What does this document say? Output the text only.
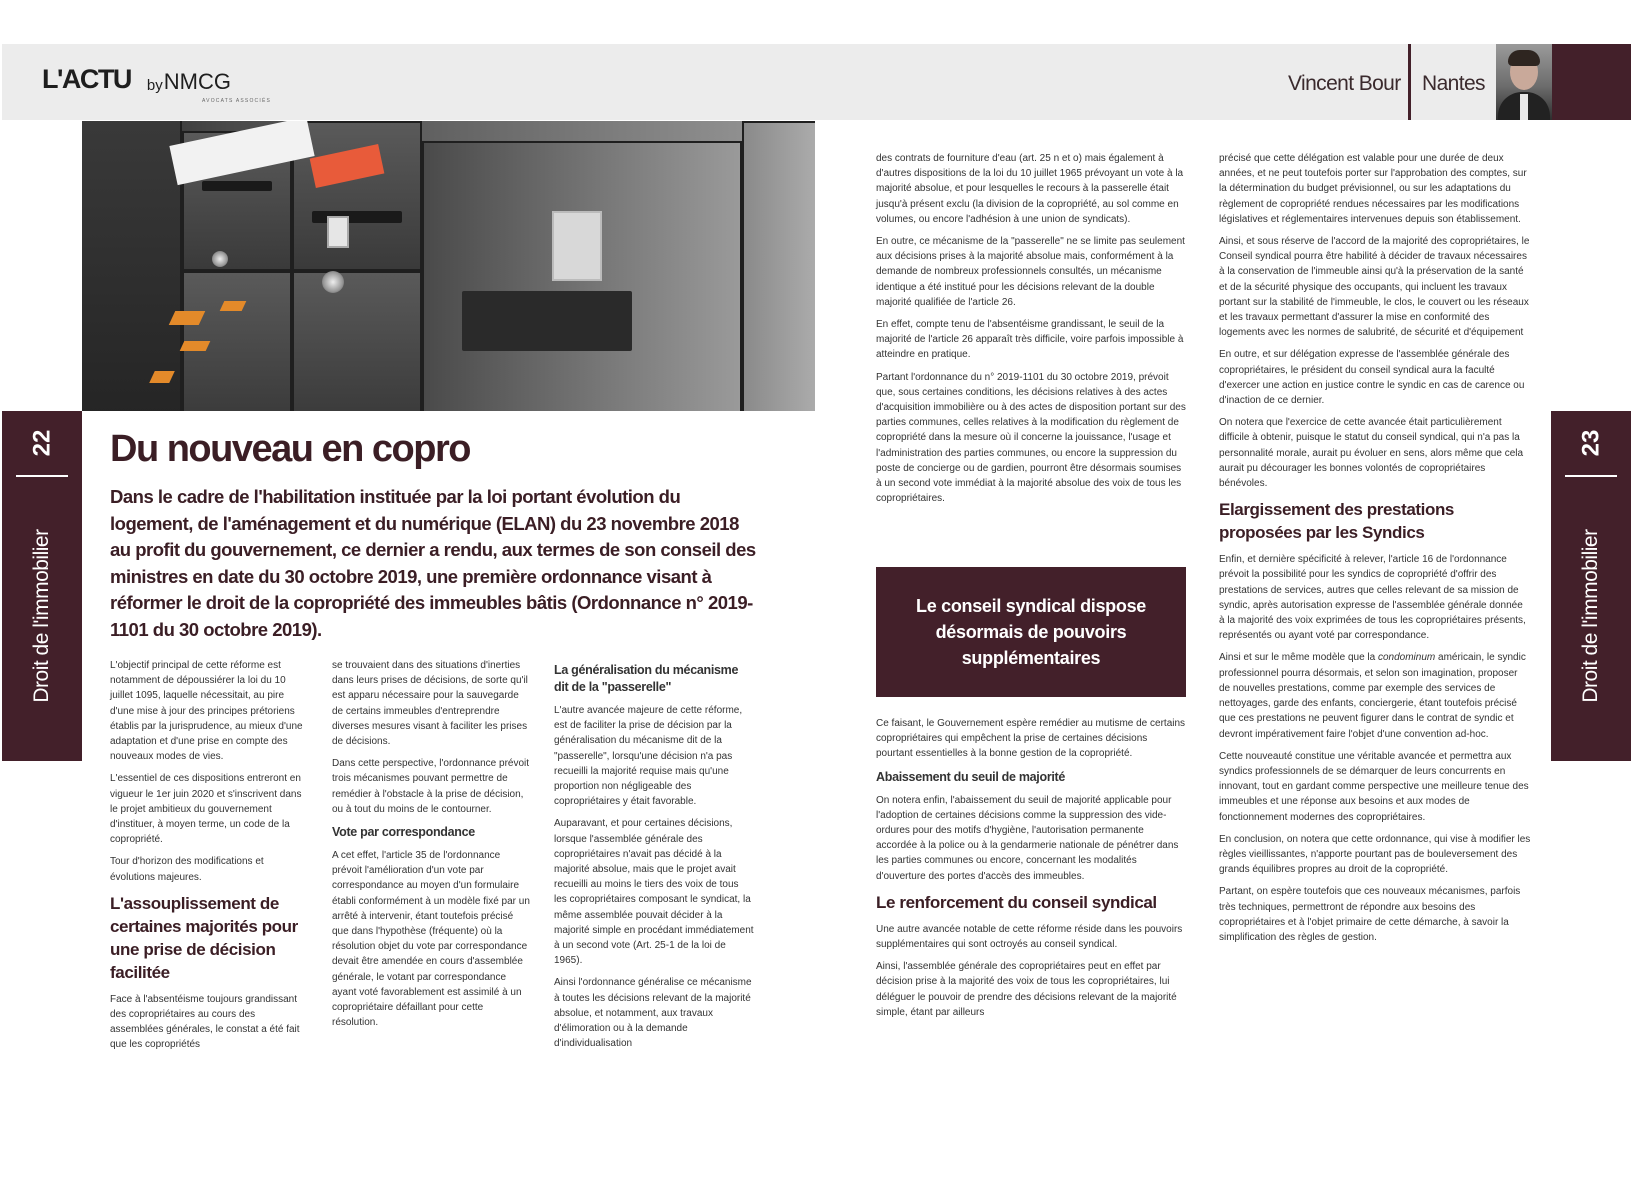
L'ACTU by NMCG
AVOCATS ASSOCIÉS
Vincent Bour Nantes
22
Droit de l'immobilier
23
Droit de l'immobilier
Du nouveau en copro
Dans le cadre de l'habilitation instituée par la loi portant évolution du logement, de l'aménagement et du numérique (ELAN) du 23 novembre 2018 au profit du gouvernement, ce dernier a rendu, aux termes de son conseil des ministres en date du 30 octobre 2019, une première ordonnance visant à réformer le droit de la copropriété des immeubles bâtis (Ordonnance n° 2019-1101 du 30 octobre 2019).

L'objectif principal de cette réforme est notamment de dépoussiérer la loi du 10 juillet 1095, laquelle nécessitait, au pire d'une mise à jour des principes prétoriens établis par la jurisprudence, au mieux d'une adaptation et d'une prise en compte des nouveaux modes de vies.

L'essentiel de ces dispositions entreront en vigueur le 1er juin 2020 et s'inscrivent dans le projet ambitieux du gouvernement d'instituer, à moyen terme, un code de la copropriété.

Tour d'horizon des modifications et évolutions majeures.

L'assouplissement de certaines majorités pour une prise de décision facilitée

Face à l'absentéisme toujours grandissant des copropriétaires au cours des assemblées générales, le constat a été fait que les copropriétés

se trouvaient dans des situations d'inerties dans leurs prises de décisions, de sorte qu'il est apparu nécessaire pour la sauvegarde de certains immeubles d'entreprendre diverses mesures visant à faciliter les prises de décisions.

Dans cette perspective, l'ordonnance prévoit trois mécanismes pouvant permettre de remédier à l'obstacle à la prise de décision, ou à tout du moins de le contourner.

Vote par correspondance

A cet effet, l'article 35 de l'ordonnance prévoit l'amélioration d'un vote par correspondance au moyen d'un formulaire établi conformément à un modèle fixé par un arrêté à intervenir, étant toutefois précisé que dans l'hypothèse (fréquente) où la résolution objet du vote par correspondance devait être amendée en cours d'assemblée générale, le votant par correspondance ayant voté favorablement est assimilé à un copropriétaire défaillant pour cette résolution.

La généralisation du mécanisme dit de la "passerelle"

L'autre avancée majeure de cette réforme, est de faciliter la prise de décision par la généralisation du mécanisme dit de la "passerelle", lorsqu'une décision n'a pas recueilli la majorité requise mais qu'une proportion non négligeable des copropriétaires y était favorable.

Auparavant, et pour certaines décisions, lorsque l'assemblée générale des copropriétaires n'avait pas décidé à la majorité absolue, mais que le projet avait recueilli au moins le tiers des voix de tous les copropriétaires composant le syndicat, la même assemblée pouvait décider à la majorité simple en procédant immédiatement à un second vote (Art. 25-1 de la loi de 1965).

Ainsi l'ordonnance généralise ce mécanisme à toutes les décisions relevant de la majorité absolue, et notamment, aux travaux d'élimoration ou à la demande d'individualisation

des contrats de fourniture d'eau (art. 25 n et o) mais également à d'autres dispositions de la loi du 10 juillet 1965 prévoyant un vote à la majorité absolue, et pour lesquelles le recours à la passerelle était jusqu'à présent exclu (la division de la copropriété, au sol comme en volumes, ou encore l'adhésion à une union de syndicats).

En outre, ce mécanisme de la "passerelle" ne se limite pas seulement aux décisions prises à la majorité absolue mais, conformément à la demande de nombreux professionnels consultés, un mécanisme identique a été institué pour les décisions relevant de la double majorité qualifiée de l'article 26.

En effet, compte tenu de l'absentéisme grandissant, le seuil de la majorité de l'article 26 apparaît très difficile, voire parfois impossible à atteindre en pratique.

Partant l'ordonnance du n° 2019-1101 du 30 octobre 2019, prévoit que, sous certaines conditions, les décisions relatives à des actes d'acquisition immobilière ou à des actes de disposition portant sur des parties communes, celles relatives à la modification du règlement de copropriété dans la mesure où il concerne la jouissance, l'usage et l'administration des parties communes, ou encore la suppression du poste de concierge ou de gardien, pourront être désormais soumises à un second vote immédiat à la majorité absolue des voix de tous les copropriétaires.

Le conseil syndical dispose désormais de pouvoirs supplémentaires

Ce faisant, le Gouvernement espère remédier au mutisme de certains copropriétaires qui empêchent la prise de certaines décisions pourtant essentielles à la bonne gestion de la copropriété.

Abaissement du seuil de majorité

On notera enfin, l'abaissement du seuil de majorité applicable pour l'adoption de certaines décisions comme la suppression des vide-ordures pour des motifs d'hygiène, l'autorisation permanente accordée à la police ou à la gendarmerie nationale de pénétrer dans les parties communes ou encore, concernant les modalités d'ouverture des portes d'accès des immeubles.

Le renforcement du conseil syndical

Une autre avancée notable de cette réforme réside dans les pouvoirs supplémentaires qui sont octroyés au conseil syndical.

Ainsi, l'assemblée générale des copropriétaires peut en effet par décision prise à la majorité des voix de tous les copropriétaires, lui déléguer le pouvoir de prendre des décisions relevant de la majorité simple, étant par ailleurs

précisé que cette délégation est valable pour une durée de deux années, et ne peut toutefois porter sur l'approbation des comptes, sur la détermination du budget prévisionnel, ou sur les adaptations du règlement de copropriété rendues nécessaires par les modifications législatives et réglementaires intervenues depuis son établissement.

Ainsi, et sous réserve de l'accord de la majorité des copropriétaires, le Conseil syndical pourra être habilité à décider de travaux nécessaires à la conservation de l'immeuble ainsi qu'à la préservation de la santé et de la sécurité physique des occupants, qui incluent les travaux portant sur la stabilité de l'immeuble, le clos, le couvert ou les réseaux et les travaux permettant d'assurer la mise en conformité des logements avec les normes de salubrité, de sécurité et d'équipement

En outre, et sur délégation expresse de l'assemblée générale des copropriétaires, le président du conseil syndical aura la faculté d'exercer une action en justice contre le syndic en cas de carence ou d'inaction de ce dernier.

On notera que l'exercice de cette avancée était particulièrement difficile à obtenir, puisque le statut du conseil syndical, qui n'a pas la personnalité morale, aurait pu évoluer en sens, alors même que cela aurait pu décourager les bonnes volontés de copropriétaires bénévoles.

Elargissement des prestations proposées par les Syndics

Enfin, et dernière spécificité à relever, l'article 16 de l'ordonnance prévoit la possibilité pour les syndics de copropriété d'offrir des prestations de services, autres que celles relevant de sa mission de syndic, après autorisation expresse de l'assemblée générale donnée à la majorité des voix exprimées de tous les copropriétaires présents, représentés ou ayant voté par correspondance.

Ainsi et sur le même modèle que la condominum américain, le syndic professionnel pourra désormais, et selon son imagination, proposer de nouvelles prestations, comme par exemple des services de nettoyages, garde des enfants, conciergerie, étant toutefois précisé que ces prestations ne peuvent figurer dans le contrat de syndic et devront impérativement faire l'objet d'une convention ad-hoc.

Cette nouveauté constitue une véritable avancée et permettra aux syndics professionnels de se démarquer de leurs concurrents en innovant, tout en gardant comme perspective une meilleure tenue des immeubles et une réponse aux besoins et aux modes de fonctionnement modernes des copropriétaires.

En conclusion, on notera que cette ordonnance, qui vise à modifier les règles vieillissantes, n'apporte pourtant pas de bouleversement des grands équilibres propres au droit de la copropriété.

Partant, on espère toutefois que ces nouveaux mécanismes, parfois très techniques, permettront de répondre aux besoins des copropriétaires et à l'objet primaire de cette démarche, à savoir la simplification des règles de gestion.
